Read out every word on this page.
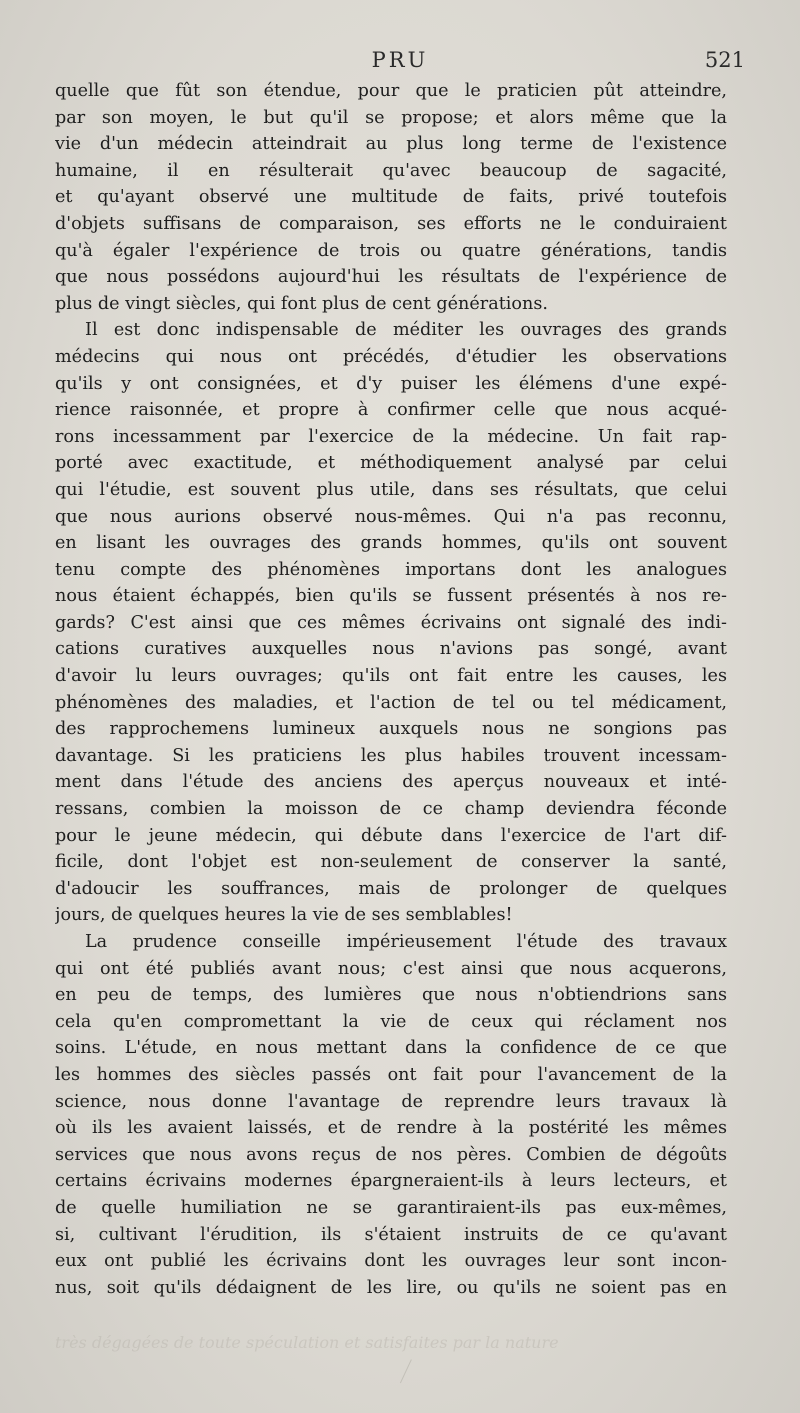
PRU	521
quelle que fût son étendue, pour que le praticien pût atteindre,
par son moyen, le but qu'il se propose; et alors même que la
vie d'un médecin atteindrait au plus long terme de l'existence
humaine, il en résulterait qu'avec beaucoup de sagacité,
et qu'ayant observé une multitude de faits, privé toutefois
d'objets suffisans de comparaison, ses efforts ne le conduiraient
qu'à égaler l'expérience de trois ou quatre générations, tandis
que nous possédons aujourd'hui les résultats de l'expérience de
plus de vingt siècles, qui font plus de cent générations.
Il est donc indispensable de méditer les ouvrages des grands
médecins qui nous ont précédés, d'étudier les observations
qu'ils y ont consignées, et d'y puiser les élémens d'une expé-
rience raisonnée, et propre à confirmer celle que nous acqué-
rons incessamment par l'exercice de la médecine. Un fait rap-
porté avec exactitude, et méthodiquement analysé par celui
qui l'étudie, est souvent plus utile, dans ses résultats, que celui
que nous aurions observé nous-mêmes. Qui n'a pas reconnu,
en lisant les ouvrages des grands hommes, qu'ils ont souvent
tenu compte des phénomènes importans dont les analogues
nous étaient échappés, bien qu'ils se fussent présentés à nos re-
gards? C'est ainsi que ces mêmes écrivains ont signalé des indi-
cations curatives auxquelles nous n'avions pas songé, avant
d'avoir lu leurs ouvrages; qu'ils ont fait entre les causes, les
phénomènes des maladies, et l'action de tel ou tel médicament,
des rapprochemens lumineux auxquels nous ne songions pas
davantage. Si les praticiens les plus habiles trouvent incessam-
ment dans l'étude des anciens des aperçus nouveaux et inté-
ressans, combien la moisson de ce champ deviendra féconde
pour le jeune médecin, qui débute dans l'exercice de l'art dif-
ficile, dont l'objet est non-seulement de conserver la santé,
d'adoucir les souffrances, mais de prolonger de quelques
jours, de quelques heures la vie de ses semblables!
La prudence conseille impérieusement l'étude des travaux
qui ont été publiés avant nous; c'est ainsi que nous acquerons,
en peu de temps, des lumières que nous n'obtiendrions sans
cela qu'en compromettant la vie de ceux qui réclament nos
soins. L'étude, en nous mettant dans la confidence de ce que
les hommes des siècles passés ont fait pour l'avancement de la
science, nous donne l'avantage de reprendre leurs travaux là
où ils les avaient laissés, et de rendre à la postérité les mêmes
services que nous avons reçus de nos pères. Combien de dégoûts
certains écrivains modernes épargneraient-ils à leurs lecteurs, et
de quelle humiliation ne se garantiraient-ils pas eux-mêmes,
si, cultivant l'érudition, ils s'étaient instruits de ce qu'avant
eux ont publié les écrivains dont les ouvrages leur sont incon-
nus, soit qu'ils dédaignent de les lire, ou qu'ils ne soient pas en
très dégagées de toute spéculation et satisfaites par la nature
